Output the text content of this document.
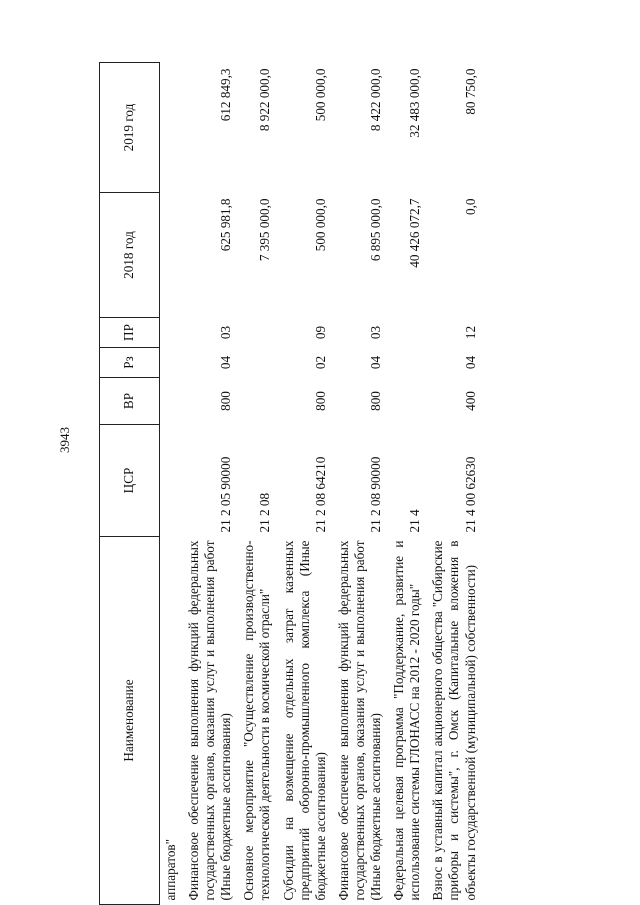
3943
Наименование	ЦСР	ВР	Рз	ПР	2018 год	2019 год
аппаратов"						
Финансовое обеспечение выполнения функций федеральных государственных органов, оказания услуг и выполнения работ (Иные бюджетные ассигнования)	21 2 05 90000	800	04	03	625 981,8	612 849,3
Основное мероприятие "Осуществление производственно-технологической деятельности в космической отрасли"	21 2 08				7 395 000,0	8 922 000,0
Субсидии на возмещение отдельных затрат казенных предприятий оборонно-промышленного комплекса (Иные бюджетные ассигнования)	21 2 08 64210	800	02	09	500 000,0	500 000,0
Финансовое обеспечение выполнения функций федеральных государственных органов, оказания услуг и выполнения работ (Иные бюджетные ассигнования)	21 2 08 90000	800	04	03	6 895 000,0	8 422 000,0
Федеральная целевая программа "Поддержание, развитие и использование системы ГЛОНАСС на 2012 - 2020 годы"	21 4				40 426 072,7	32 483 000,0
Взнос в уставный капитал акционерного общества "Сибирские приборы и системы", г. Омск (Капитальные вложения в объекты государственной (муниципальной) собственности)	21 4 00 62630	400	04	12	0,0	80 750,0
